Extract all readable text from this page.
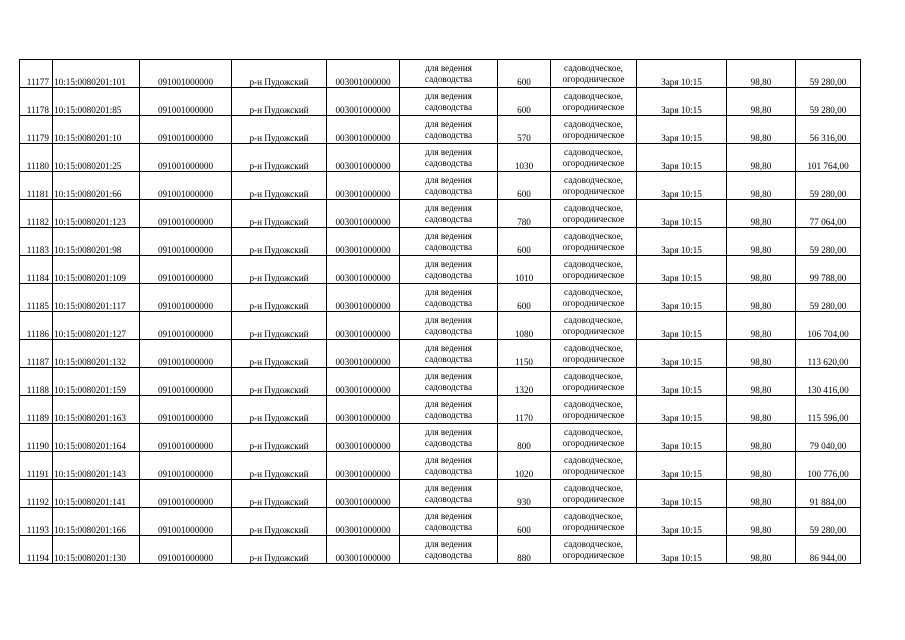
11177	10:15:0080201:101	091001000000	р-н Пудожский	003001000000	для ведения
садоводства	600	садоводческое,
огородническое	Заря 10:15	98,80	59 280,00
11178	10:15:0080201:85	091001000000	р-н Пудожский	003001000000	для ведения
садоводства	600	садоводческое,
огородническое	Заря 10:15	98,80	59 280,00
11179	10:15:0080201:10	091001000000	р-н Пудожский	003001000000	для ведения
садоводства	570	садоводческое,
огородническое	Заря 10:15	98,80	56 316,00
11180	10:15:0080201:25	091001000000	р-н Пудожский	003001000000	для ведения
садоводства	1030	садоводческое,
огородническое	Заря 10:15	98,80	101 764,00
11181	10:15:0080201:66	091001000000	р-н Пудожский	003001000000	для ведения
садоводства	600	садоводческое,
огородническое	Заря 10:15	98,80	59 280,00
11182	10:15:0080201:123	091001000000	р-н Пудожский	003001000000	для ведения
садоводства	780	садоводческое,
огородническое	Заря 10:15	98,80	77 064,00
11183	10:15:0080201:98	091001000000	р-н Пудожский	003001000000	для ведения
садоводства	600	садоводческое,
огородническое	Заря 10:15	98,80	59 280,00
11184	10:15:0080201:109	091001000000	р-н Пудожский	003001000000	для ведения
садоводства	1010	садоводческое,
огородническое	Заря 10:15	98,80	99 788,00
11185	10:15:0080201:117	091001000000	р-н Пудожский	003001000000	для ведения
садоводства	600	садоводческое,
огородническое	Заря 10:15	98,80	59 280,00
11186	10:15:0080201:127	091001000000	р-н Пудожский	003001000000	для ведения
садоводства	1080	садоводческое,
огородническое	Заря 10:15	98,80	106 704,00
11187	10:15:0080201:132	091001000000	р-н Пудожский	003001000000	для ведения
садоводства	1150	садоводческое,
огородническое	Заря 10:15	98,80	113 620,00
11188	10:15:0080201:159	091001000000	р-н Пудожский	003001000000	для ведения
садоводства	1320	садоводческое,
огородническое	Заря 10:15	98,80	130 416,00
11189	10:15:0080201:163	091001000000	р-н Пудожский	003001000000	для ведения
садоводства	1170	садоводческое,
огородническое	Заря 10:15	98,80	115 596,00
11190	10:15:0080201:164	091001000000	р-н Пудожский	003001000000	для ведения
садоводства	800	садоводческое,
огородническое	Заря 10:15	98,80	79 040,00
11191	10:15:0080201:143	091001000000	р-н Пудожский	003001000000	для ведения
садоводства	1020	садоводческое,
огородническое	Заря 10:15	98,80	100 776,00
11192	10:15:0080201:141	091001000000	р-н Пудожский	003001000000	для ведения
садоводства	930	садоводческое,
огородническое	Заря 10:15	98,80	91 884,00
11193	10:15:0080201:166	091001000000	р-н Пудожский	003001000000	для ведения
садоводства	600	садоводческое,
огородническое	Заря 10:15	98,80	59 280,00
11194	10:15:0080201:130	091001000000	р-н Пудожский	003001000000	для ведения
садоводства	880	садоводческое,
огородническое	Заря 10:15	98,80	86 944,00
